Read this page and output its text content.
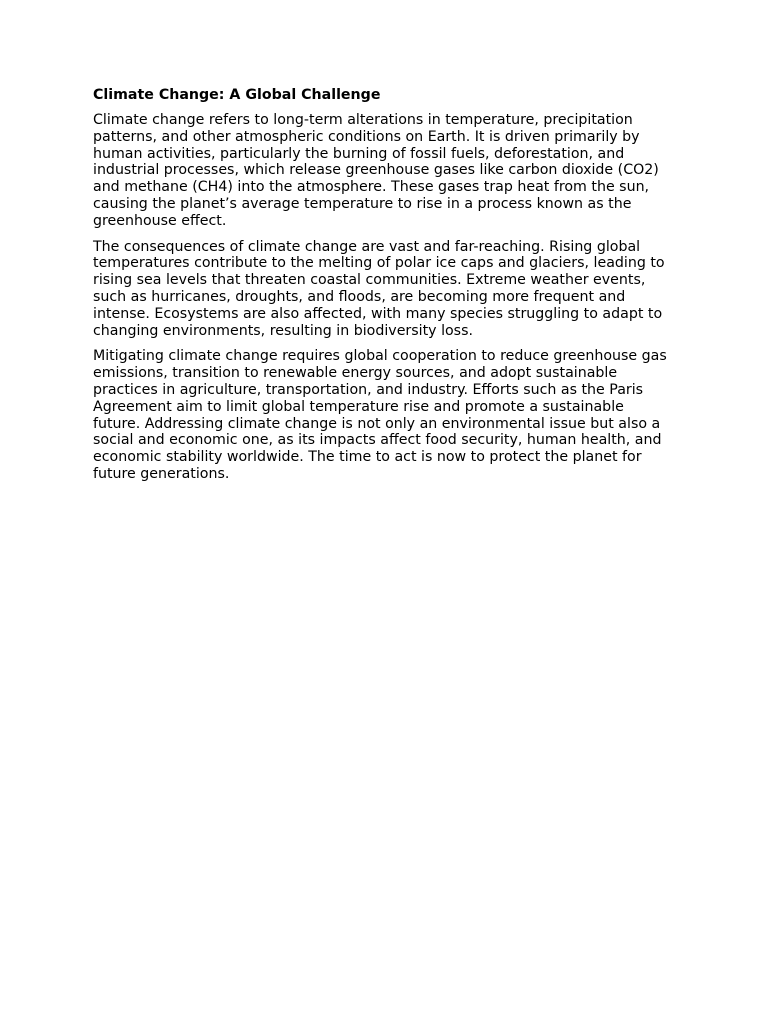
Climate Change: A Global Challenge

Climate change refers to long-term alterations in temperature, precipitation patterns, and other atmospheric conditions on Earth. It is driven primarily by human activities, particularly the burning of fossil fuels, deforestation, and industrial processes, which release greenhouse gases like carbon dioxide (CO2) and methane (CH4) into the atmosphere. These gases trap heat from the sun, causing the planet’s average temperature to rise in a process known as the greenhouse effect.

The consequences of climate change are vast and far-reaching. Rising global temperatures contribute to the melting of polar ice caps and glaciers, leading to rising sea levels that threaten coastal communities. Extreme weather events, such as hurricanes, droughts, and floods, are becoming more frequent and intense. Ecosystems are also affected, with many species struggling to adapt to changing environments, resulting in biodiversity loss.

Mitigating climate change requires global cooperation to reduce greenhouse gas emissions, transition to renewable energy sources, and adopt sustainable practices in agriculture, transportation, and industry. Efforts such as the Paris Agreement aim to limit global temperature rise and promote a sustainable future. Addressing climate change is not only an environmental issue but also a social and economic one, as its impacts affect food security, human health, and economic stability worldwide. The time to act is now to protect the planet for future generations.
